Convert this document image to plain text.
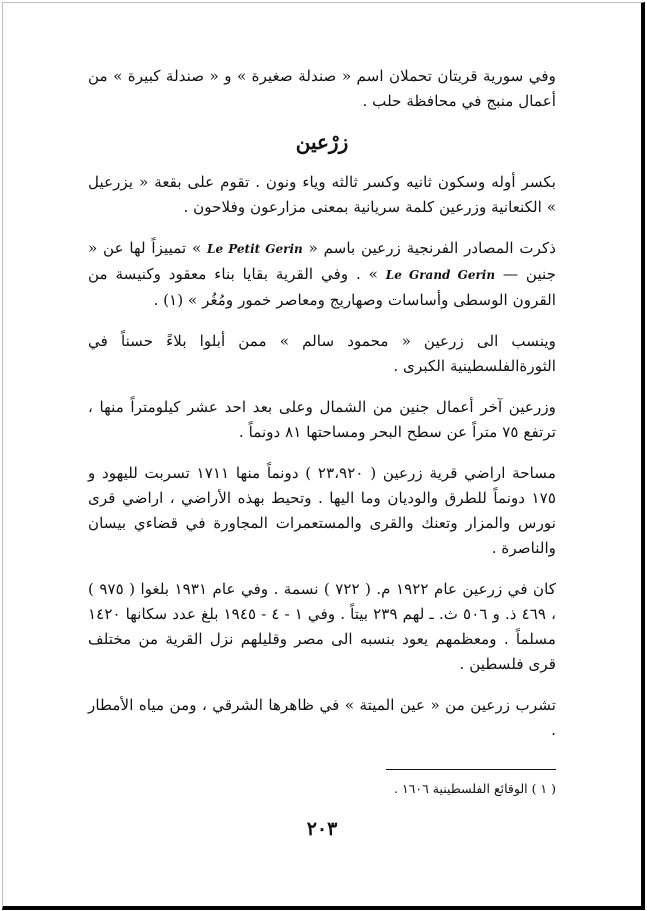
وفي سورية قريتان تحملان اسم « صندلة صغيرة » و « صندلة كبيرة » من أعمال منبج في محافظة حلب .

زرْعين

بكسر أوله وسكون ثانيه وكسر ثالثه وياء ونون . تقوم على بقعة « يزرعيل » الكنعانية وزرعين كلمة سريانية بمعنى مزارعون وفلاحون .

ذكرت المصادر الفرنجية زرعين باسم « Le Petit Gerin » تمييزاً لها عن « جنين — Le Grand Gerin » . وفي القرية بقايا بناء معقود وكنيسة من القرون الوسطى وأساسات وصهاريج ومعاصر خمور ومُغُر » (١) .

وينسب الى زرعين « محمود سالم » ممن أبلوا بلاءً حسناً في الثورةالفلسطينية الكبرى .

وزرعين آخر أعمال جنين من الشمال وعلى بعد احد عشر كيلومتراً منها ، ترتفع ٧٥ متراً عن سطح البحر ومساحتها ٨١ دونماً .

مساحة اراضي قرية زرعين ( ٢٣،٩٢٠ ) دونماً منها ١٧١١ تسربت لليهود و ١٧٥ دونماً للطرق والوديان وما اليها . وتحيط بهذه الأراضي ، اراضي قرى نورس والمزار وتعنك والقرى والمستعمرات المجاورة في قضاءي بيسان والناصرة .

كان في زرعين عام ١٩٢٢ م. ( ٧٢٢ ) نسمة . وفي عام ١٩٣١ بلغوا ( ٩٧٥ ) ، ٤٦٩ ذ. و ٥٠٦ ث. ـ لهم ٢٣٩ بيتاً . وفي ١ - ٤ - ١٩٤٥ بلغ عدد سكانها ١٤٢٠ مسلماً . ومعظمهم يعود بنسبه الى مصر وقليلهم نزل القرية من مختلف قرى فلسطين .

تشرب زرعين من « عين الميتة » في ظاهرها الشرقي ، ومن مياه الأمطار .

( ١ ) الوقائع الفلسطينية ١٦٠٦ .
٢٠٣
